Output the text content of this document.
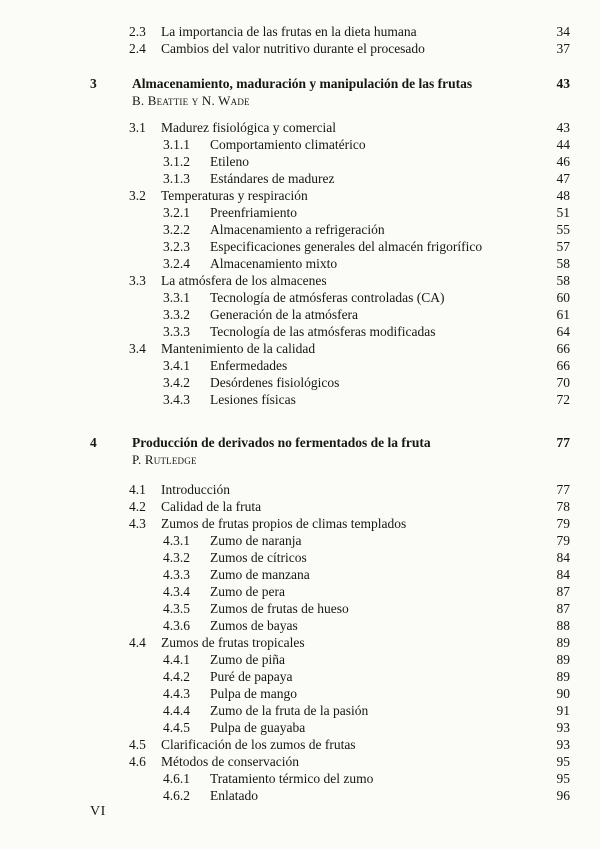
2.3 La importancia de las frutas en la dieta humana	34
2.4 Cambios del valor nutritivo durante el procesado	37
3	Almacenamiento, maduración y manipulación de las frutas	43
B. Beattie y N. Wade
3.1 Madurez fisiológica y comercial	43
3.1.1 Comportamiento climatérico	44
3.1.2 Etileno	46
3.1.3 Estándares de madurez	47
3.2 Temperaturas y respiración	48
3.2.1 Preenfriamiento	51
3.2.2 Almacenamiento a refrigeración	55
3.2.3 Especificaciones generales del almacén frigorífico	57
3.2.4 Almacenamiento mixto	58
3.3 La atmósfera de los almacenes	58
3.3.1 Tecnología de atmósferas controladas (CA)	60
3.3.2 Generación de la atmósfera	61
3.3.3 Tecnología de las atmósferas modificadas	64
3.4 Mantenimiento de la calidad	66
3.4.1 Enfermedades	66
3.4.2 Desórdenes fisiológicos	70
3.4.3 Lesiones físicas	72
4	Producción de derivados no fermentados de la fruta	77
P. Rutledge
4.1 Introducción	77
4.2 Calidad de la fruta	78
4.3 Zumos de frutas propios de climas templados	79
4.3.1 Zumo de naranja	79
4.3.2 Zumos de cítricos	84
4.3.3 Zumo de manzana	84
4.3.4 Zumo de pera	87
4.3.5 Zumos de frutas de hueso	87
4.3.6 Zumos de bayas	88
4.4 Zumos de frutas tropicales	89
4.4.1 Zumo de piña	89
4.4.2 Puré de papaya	89
4.4.3 Pulpa de mango	90
4.4.4 Zumo de la fruta de la pasión	91
4.4.5 Pulpa de guayaba	93
4.5 Clarificación de los zumos de frutas	93
4.6 Métodos de conservación	95
4.6.1 Tratamiento térmico del zumo	95
4.6.2 Enlatado	96
VI
